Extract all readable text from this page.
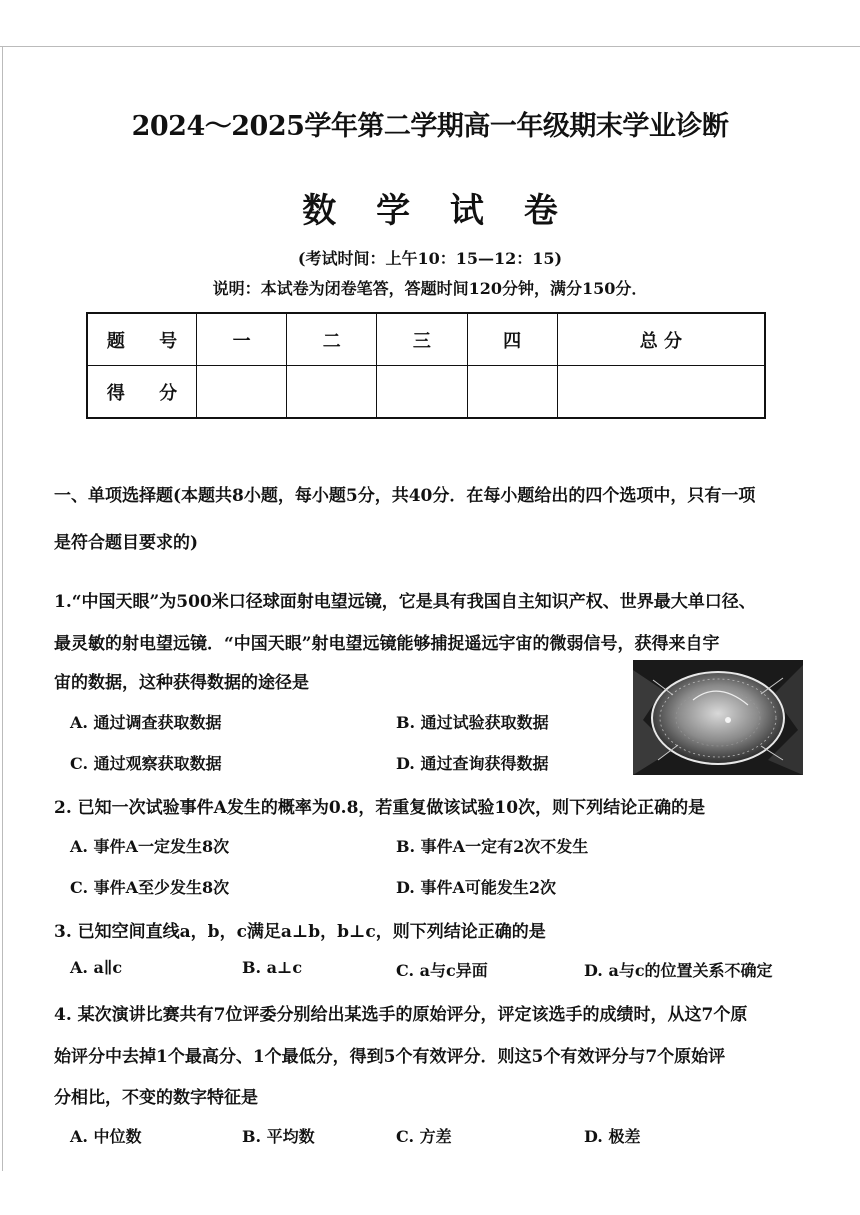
2024～2025学年第二学期高一年级期末学业诊断
数 学 试 卷
(考试时间：上午10：15—12：15)
说明：本试卷为闭卷笔答，答题时间120分钟，满分150分．
题 号	一	二	三	四	总 分
得 分					
一、单项选择题(本题共8小题，每小题5分，共40分．在每小题给出的四个选项中，只有一项
是符合题目要求的)
1.“中国天眼”为500米口径球面射电望远镜，它是具有我国自主知识产权、世界最大单口径、
最灵敏的射电望远镜．“中国天眼”射电望远镜能够捕捉遥远宇宙的微弱信号，获得来自宇
宙的数据，这种获得数据的途径是
A. 通过调查获取数据	B. 通过试验获取数据
C. 通过观察获取数据	D. 通过查询获得数据
2. 已知一次试验事件A发生的概率为0.8，若重复做该试验10次，则下列结论正确的是
A. 事件A一定发生8次	B. 事件A一定有2次不发生
C. 事件A至少发生8次	D. 事件A可能发生2次
3. 已知空间直线a，b，c满足a⊥b，b⊥c，则下列结论正确的是
A. a∥c	B. a⊥c	C. a与c异面	D. a与c的位置关系不确定
4. 某次演讲比赛共有7位评委分别给出某选手的原始评分，评定该选手的成绩时，从这7个原
始评分中去掉1个最高分、1个最低分，得到5个有效评分．则这5个有效评分与7个原始评
分相比，不变的数字特征是
A. 中位数	B. 平均数	C. 方差	D. 极差
